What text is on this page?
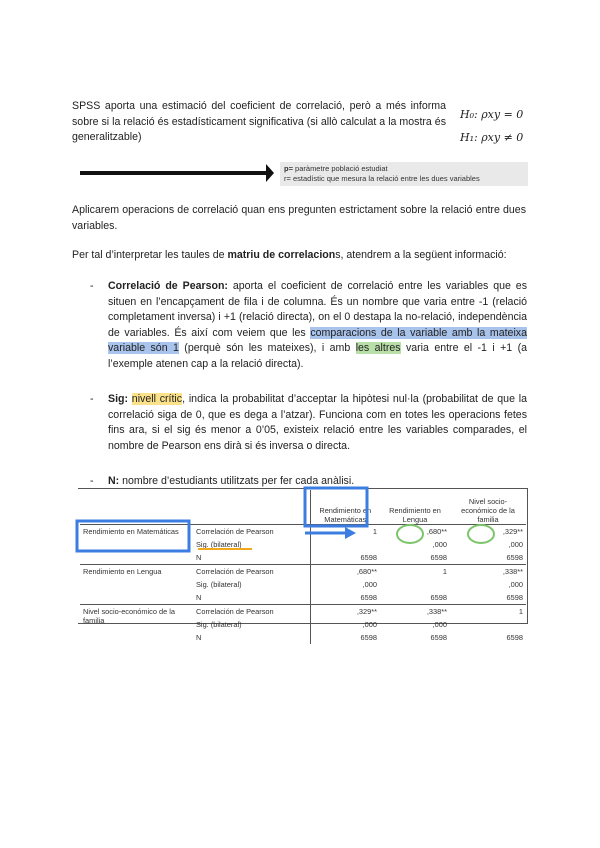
SPSS aporta una estimació del coeficient de correlació, però a més informa sobre si la relació és estadísticament significativa (si allò calculat a la mostra és generalitzable)
H₀: ρxy = 0
H₁: ρxy ≠ 0
p= paràmetre població estudiat
r= estadístic que mesura la relació entre les dues variables
Aplicarem operacions de correlació quan ens pregunten estrictament sobre la relació entre dues variables.
Per tal d’interpretar les taules de matriu de correlacions, atendrem a la següent informació:
- Correlació de Pearson: aporta el coeficient de correlació entre les variables que es situen en l’encapçament de fila i de columna. És un nombre que varia entre -1 (relació completament inversa) i +1 (relació directa), on el 0 destapa la no-relació, independència de variables. És així com veiem que les comparacions de la variable amb la mateixa variable són 1 (perquè són les mateixes), i amb les altres varia entre el -1 i +1 (a l’exemple atenen cap a la relació directa).
- Sig: nivell crític, indica la probabilitat d’acceptar la hipòtesi nul·la (probabilitat de que la correlació siga de 0, que es dega a l’atzar). Funciona com en totes les operacions fetes fins ara, si el sig és menor a 0’05, existeix relació entre les variables comparades, el nombre de Pearson ens dirà si és inversa o directa.
- N: nombre d’estudiants utilitzats per fer cada anàlisi.
		Rendimiento en Matemáticas	Rendimiento en Lengua	Nivel socio-económico de la familia
Rendimiento en Matemáticas	Correlación de Pearson	1	,680**	,329**
	Sig. (bilateral)		,000	,000
	N	6598	6598	6598
Rendimiento en Lengua	Correlación de Pearson	,680**	1	,338**
	Sig. (bilateral)	,000		,000
	N	6598	6598	6598
Nivel socio-económico de la familia	Correlación de Pearson	,329**	,338**	1
	Sig. (bilateral)	,000	,000	
	N	6598	6598	6598
